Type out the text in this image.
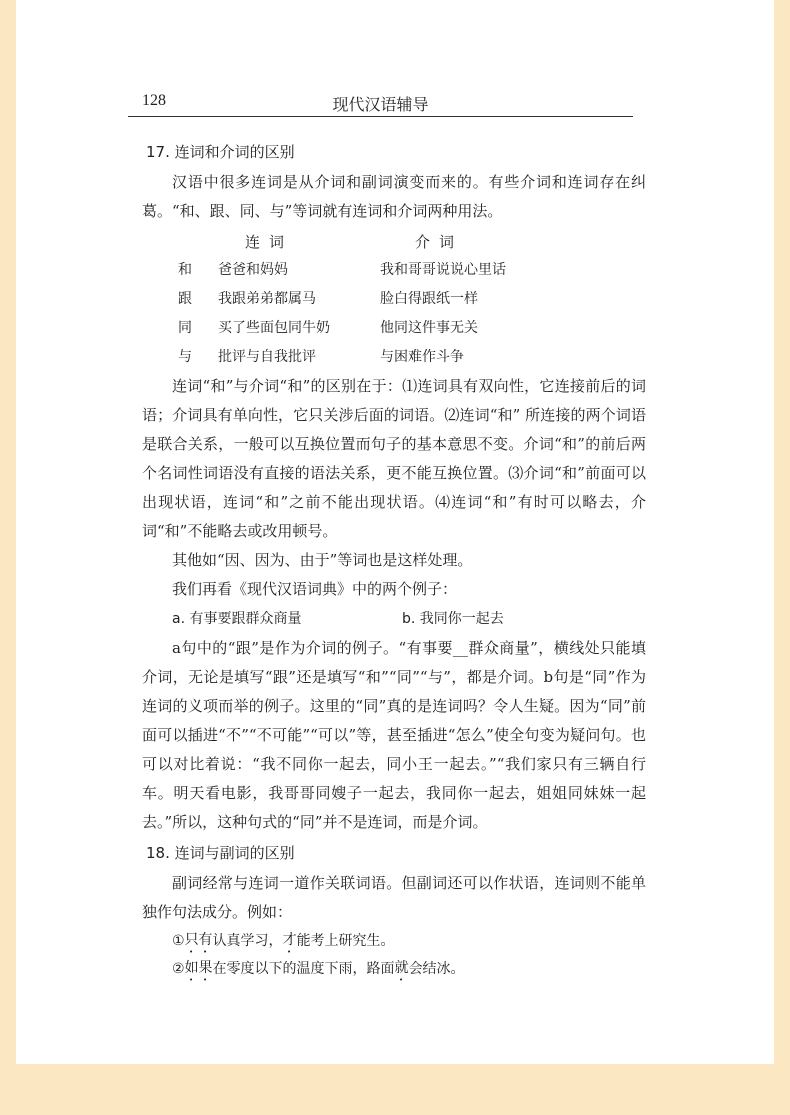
128	现代汉语辅导
17. 连词和介词的区别

汉语中很多连词是从介词和副词演变而来的。有些介词和连词存在纠葛。“和、跟、同、与”等词就有连词和介词两种用法。

连词	介词
和	爸爸和妈妈	我和哥哥说说心里话
跟	我跟弟弟都属马	脸白得跟纸一样
同	买了些面包同牛奶	他同这件事无关
与	批评与自我批评	与困难作斗争

连词“和”与介词“和”的区别在于：⑴连词具有双向性，它连接前后的词语；介词具有单向性，它只关涉后面的词语。⑵连词“和” 所连接的两个词语是联合关系，一般可以互换位置而句子的基本意思不变。介词“和”的前后两个名词性词语没有直接的语法关系，更不能互换位置。⑶介词“和”前面可以出现状语，连词“和”之前不能出现状语。⑷连词“和”有时可以略去，介词“和”不能略去或改用顿号。

其他如“因、因为、由于”等词也是这样处理。

我们再看《现代汉语词典》中的两个例子：

a. 有事要跟群众商量	b. 我同你一起去

a句中的“跟”是作为介词的例子。“有事要__群众商量”，横线处只能填介词，无论是填写“跟”还是填写“和”“同”“与”，都是介词。b句是“同”作为连词的义项而举的例子。这里的“同”真的是连词吗？令人生疑。因为“同”前面可以插进“不”“不可能”“可以”等，甚至插进“怎么”使全句变为疑问句。也可以对比着说：“我不同你一起去，同小王一起去。”“我们家只有三辆自行车。明天看电影，我哥哥同嫂子一起去，我同你一起去，姐姐同妹妹一起去。”所以，这种句式的“同”并不是连词，而是介词。

18. 连词与副词的区别

副词经常与连词一道作关联词语。但副词还可以作状语，连词则不能单独作句法成分。例如：

① 只有 认真学习， 才 能考上研究生。
② 如果 在零度以下的温度下雨，路面 就 会结冰。
